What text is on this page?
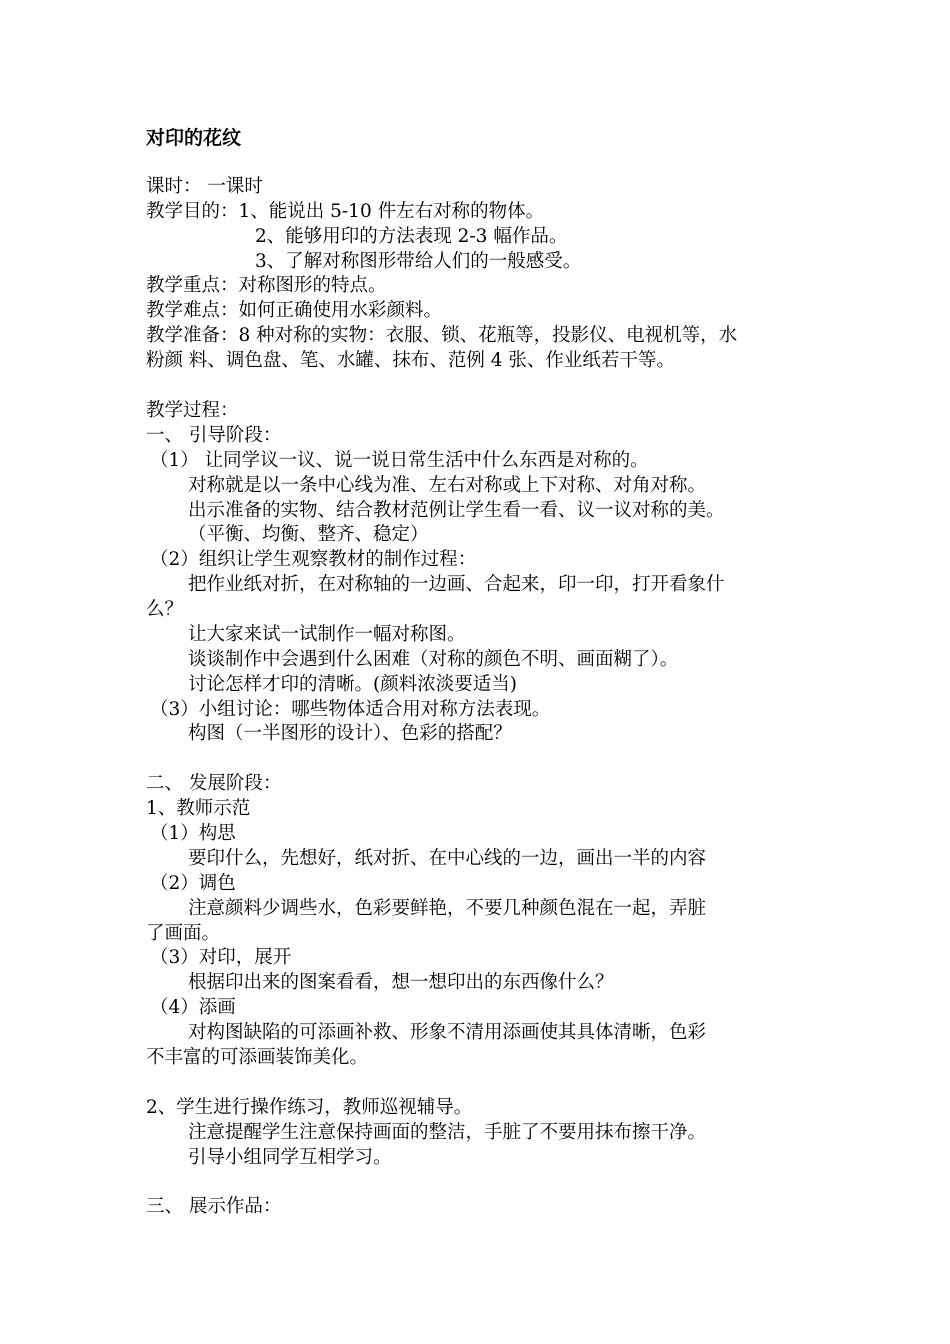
对印的花纹
课时： 一课时
教学目的：1、能说出 5-10 件左右对称的物体。
2、能够用印的方法表现 2-3 幅作品。
3、了解对称图形带给人们的一般感受。
教学重点：对称图形的特点。
教学难点：如何正确使用水彩颜料。
教学准备：8 种对称的实物：衣服、锁、花瓶等，投影仪、电视机等，水
粉颜 料、调色盘、笔、水罐、抹布、范例 4 张、作业纸若干等。
教学过程：
一、 引导阶段：
（1） 让同学议一议、说一说日常生活中什么东西是对称的。
对称就是以一条中心线为准、左右对称或上下对称、对角对称。
出示准备的实物、结合教材范例让学生看一看、议一议对称的美。
（平衡、均衡、整齐、稳定）
（2）组织让学生观察教材的制作过程：
把作业纸对折，在对称轴的一边画、合起来，印一印，打开看象什
么？
让大家来试一试制作一幅对称图。
谈谈制作中会遇到什么困难（对称的颜色不明、画面糊了）。
讨论怎样才印的清晰。(颜料浓淡要适当)
（3）小组讨论：哪些物体适合用对称方法表现。
构图（一半图形的设计）、色彩的搭配？
二、 发展阶段：
1、教师示范
（1）构思
要印什么，先想好，纸对折、在中心线的一边，画出一半的内容
（2）调色
注意颜料少调些水，色彩要鲜艳，不要几种颜色混在一起，弄脏
了画面。
（3）对印，展开
根据印出来的图案看看，想一想印出的东西像什么？
（4）添画
对构图缺陷的可添画补救、形象不清用添画使其具体清晰，色彩
不丰富的可添画装饰美化。
2、学生进行操作练习，教师巡视辅导。
注意提醒学生注意保持画面的整洁，手脏了不要用抹布擦干净。
引导小组同学互相学习。
三、 展示作品：
